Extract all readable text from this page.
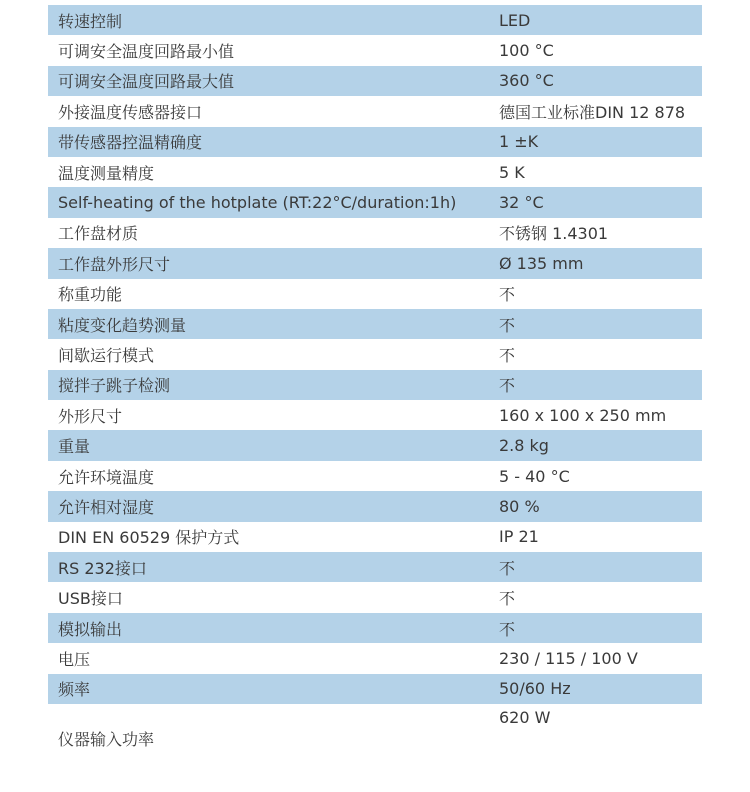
转速控制	LED
可调安全温度回路最小值	100 °C
可调安全温度回路最大值	360 °C
外接温度传感器接口	德国工业标准DIN 12 878
带传感器控温精确度	1 ±K
温度测量精度	5 K
Self-heating of the hotplate (RT:22°C/duration:1h)	32 °C
工作盘材质	不锈钢 1.4301
工作盘外形尺寸	Ø 135 mm
称重功能	不
粘度变化趋势测量	不
间歇运行模式	不
搅拌子跳子检测	不
外形尺寸	160 x 100 x 250 mm
重量	2.8 kg
允许环境温度	5 - 40 °C
允许相对湿度	80 %
DIN EN 60529 保护方式	IP 21
RS 232接口	不
USB接口	不
模拟输出	不
电压	230 / 115 / 100 V
频率	50/60 Hz
仪器输入功率	620 W
